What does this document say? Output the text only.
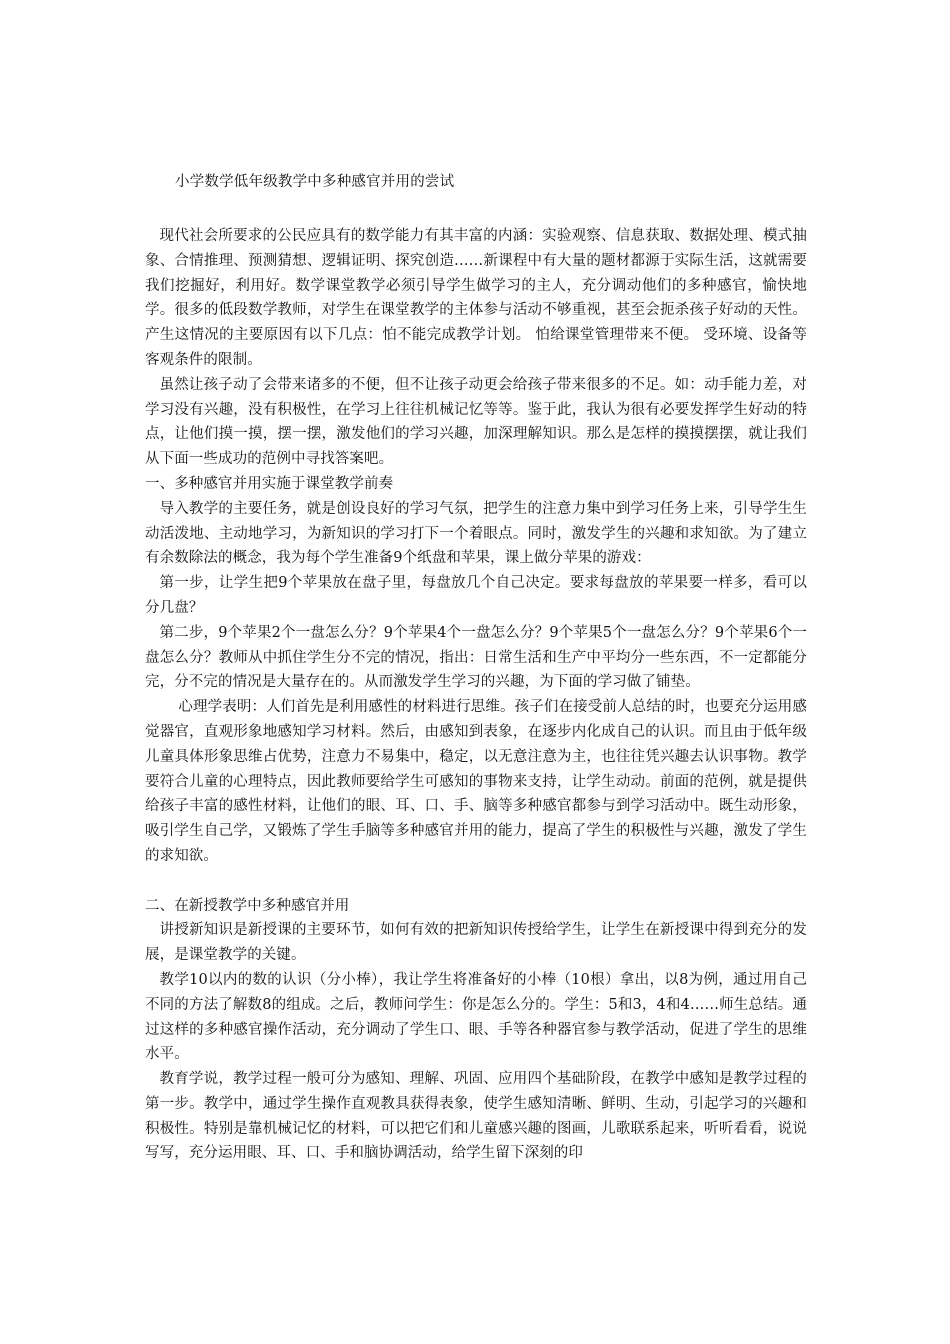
小学数学低年级教学中多种感官并用的尝试

现代社会所要求的公民应具有的数学能力有其丰富的内涵：实验观察、信息获取、数据处理、模式抽象、合情推理、预测猜想、逻辑证明、探究创造……新课程中有大量的题材都源于实际生活，这就需要我们挖掘好，利用好。数学课堂教学必须引导学生做学习的主人，充分调动他们的多种感官，愉快地学。很多的低段数学教师，对学生在课堂教学的主体参与活动不够重视，甚至会扼杀孩子好动的天性。产生这情况的主要原因有以下几点：怕不能完成教学计划。 怕给课堂管理带来不便。 受环境、设备等客观条件的限制。

虽然让孩子动了会带来诸多的不便，但不让孩子动更会给孩子带来很多的不足。如：动手能力差，对学习没有兴趣，没有积极性，在学习上往往机械记忆等等。鉴于此，我认为很有必要发挥学生好动的特点，让他们摸一摸，摆一摆，激发他们的学习兴趣，加深理解知识。那么是怎样的摸摸摆摆，就让我们从下面一些成功的范例中寻找答案吧。

一、多种感官并用实施于课堂教学前奏

导入教学的主要任务，就是创设良好的学习气氛，把学生的注意力集中到学习任务上来，引导学生生动活泼地、主动地学习，为新知识的学习打下一个着眼点。同时，激发学生的兴趣和求知欲。为了建立有余数除法的概念，我为每个学生准备9个纸盘和苹果，课上做分苹果的游戏：

第一步，让学生把9个苹果放在盘子里，每盘放几个自己决定。要求每盘放的苹果要一样多，看可以分几盘？

第二步，9个苹果2个一盘怎么分？9个苹果4个一盘怎么分？9个苹果5个一盘怎么分？9个苹果6个一盘怎么分？教师从中抓住学生分不完的情况，指出：日常生活和生产中平均分一些东西，不一定都能分完，分不完的情况是大量存在的。从而激发学生学习的兴趣，为下面的学习做了铺垫。

心理学表明：人们首先是利用感性的材料进行思维。孩子们在接受前人总结的时，也要充分运用感觉器官，直观形象地感知学习材料。然后，由感知到表象，在逐步内化成自己的认识。而且由于低年级儿童具体形象思维占优势，注意力不易集中，稳定，以无意注意为主，也往往凭兴趣去认识事物。教学要符合儿童的心理特点，因此教师要给学生可感知的事物来支持，让学生动动。前面的范例，就是提供给孩子丰富的感性材料，让他们的眼、耳、口、手、脑等多种感官都参与到学习活动中。既生动形象，吸引学生自己学，又锻炼了学生手脑等多种感官并用的能力，提高了学生的积极性与兴趣，激发了学生的求知欲。

二、在新授教学中多种感官并用

讲授新知识是新授课的主要环节，如何有效的把新知识传授给学生，让学生在新授课中得到充分的发展，是课堂教学的关键。

教学10以内的数的认识（分小棒），我让学生将准备好的小棒（10根）拿出，以8为例，通过用自己不同的方法了解数8的组成。之后，教师问学生：你是怎么分的。学生：5和3，4和4……师生总结。通过这样的多种感官操作活动，充分调动了学生口、眼、手等各种器官参与教学活动，促进了学生的思维水平。

教育学说，教学过程一般可分为感知、理解、巩固、应用四个基础阶段，在教学中感知是教学过程的第一步。教学中，通过学生操作直观教具获得表象，使学生感知清晰、鲜明、生动，引起学习的兴趣和积极性。特别是靠机械记忆的材料，可以把它们和儿童感兴趣的图画，儿歌联系起来，听听看看，说说写写，充分运用眼、耳、口、手和脑协调活动，给学生留下深刻的印
